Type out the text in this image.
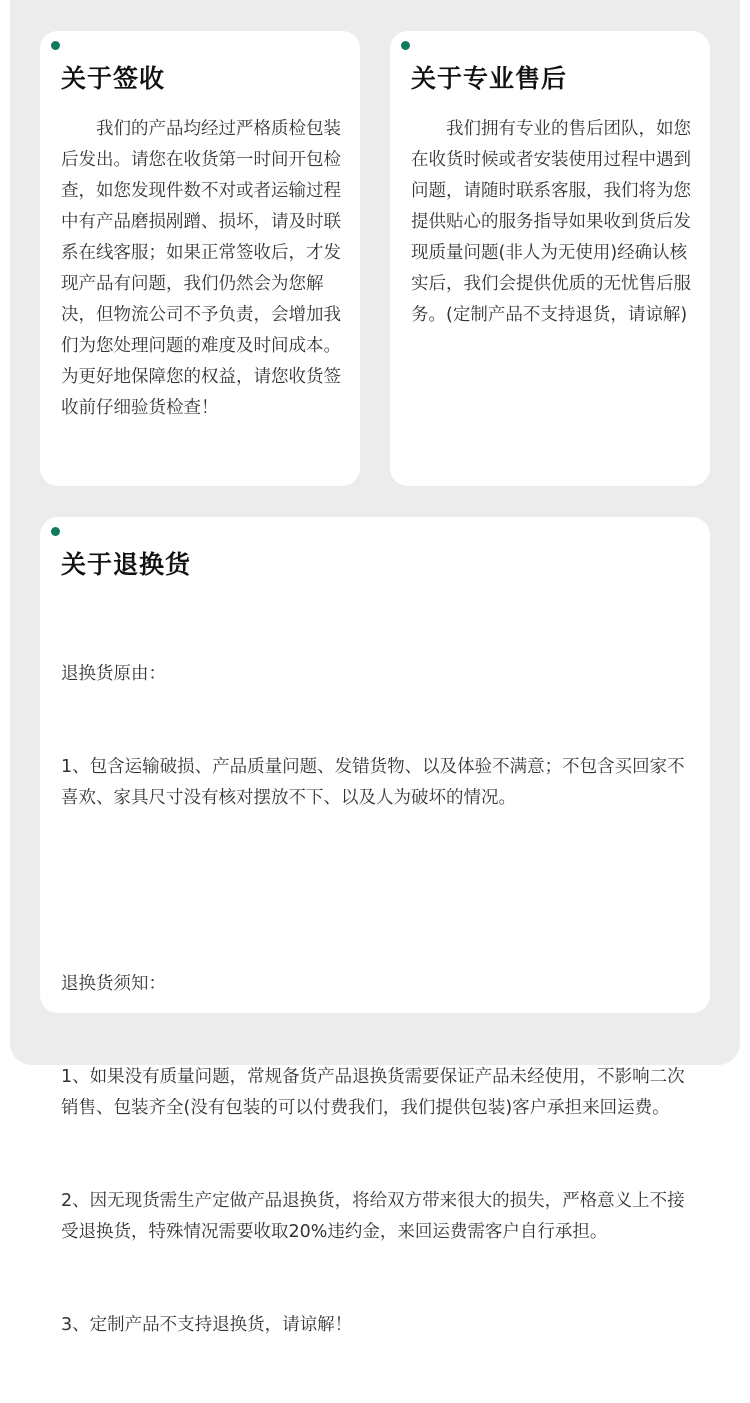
关于签收

　　我们的产品均经过严格质检包装后发出。请您在收货第一时间开包检查，如您发现件数不对或者运输过程中有产品磨损剐蹭、损坏，请及时联系在线客服；如果正常签收后，才发现产品有问题，我们仍然会为您解决，但物流公司不予负责，会增加我们为您处理问题的难度及时间成本。为更好地保障您的权益，请您收货签收前仔细验货检查！

关于专业售后

　　我们拥有专业的售后团队，如您在收货时候或者安装使用过程中遇到问题，请随时联系客服，我们将为您提供贴心的服务指导如果收到货后发现质量问题(非人为无使用)经确认核实后，我们会提供优质的无忧售后服务。(定制产品不支持退货，请谅解)

关于退换货

退换货原由：

1、包含运输破损、产品质量问题、发错货物、以及体验不满意；不包含买回家不喜欢、家具尺寸没有核对摆放不下、以及人为破坏的情况。

退换货须知：

1、如果没有质量问题，常规备货产品退换货需要保证产品未经使用，不影响二次销售、包装齐全(没有包装的可以付费我们，我们提供包装)客户承担来回运费。

2、因无现货需生产定做产品退换货，将给双方带来很大的损失，严格意义上不接受退换货，特殊情况需要收取20%违约金，来回运费需客户自行承担。

3、定制产品不支持退换货，请谅解！
